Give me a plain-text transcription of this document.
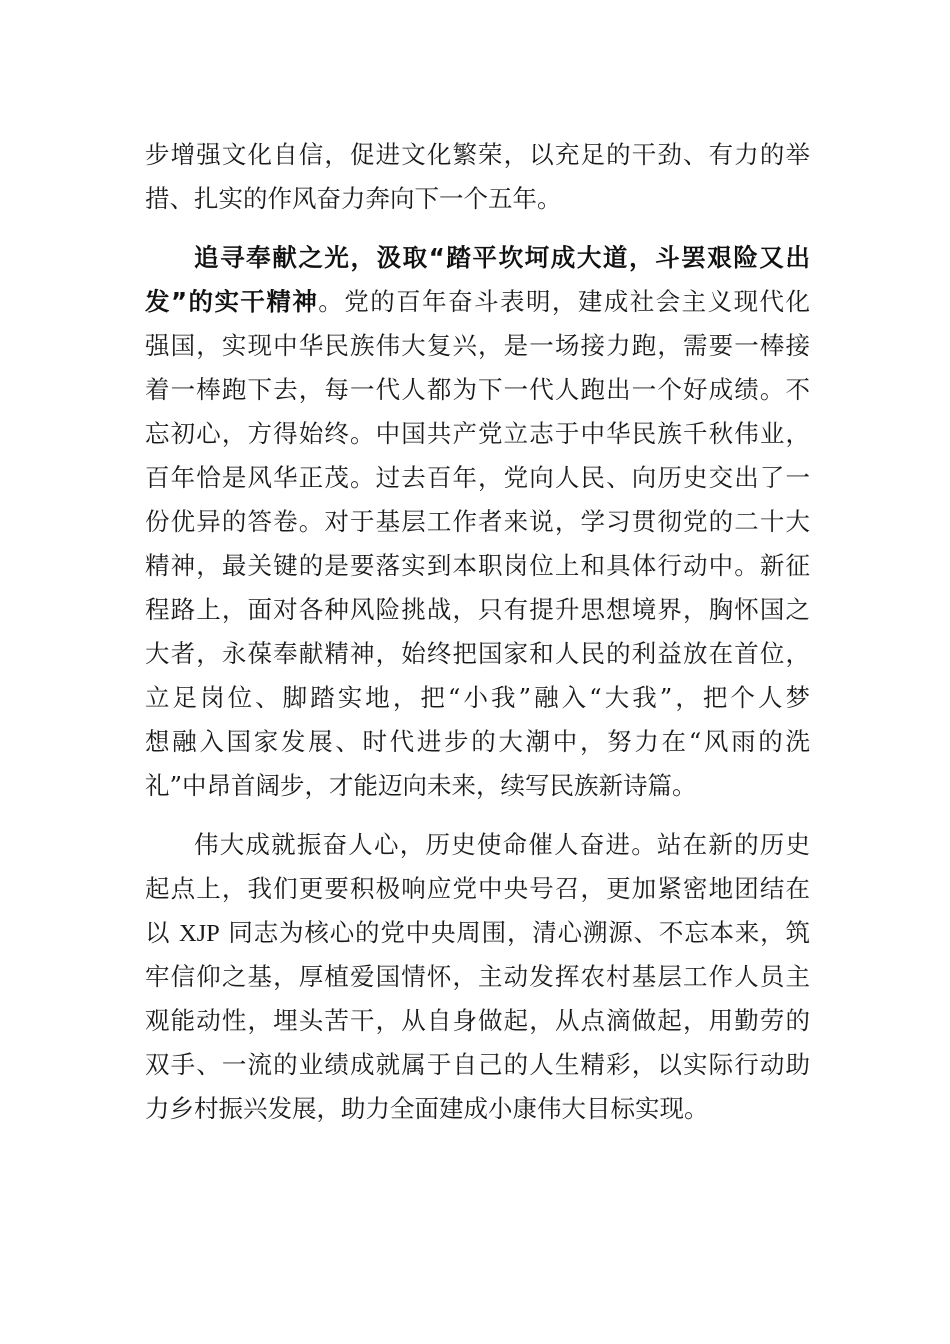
步增强文化自信，促进文化繁荣，以充足的干劲、有力的举
措、扎实的作风奋力奔向下一个五年。
追寻奉献之光，汲取“踏平坎坷成大道，斗罢艰险又出
发”的实干精神。党的百年奋斗表明，建成社会主义现代化
强国，实现中华民族伟大复兴，是一场接力跑，需要一棒接
着一棒跑下去，每一代人都为下一代人跑出一个好成绩。不
忘初心，方得始终。中国共产党立志于中华民族千秋伟业，
百年恰是风华正茂。过去百年，党向人民、向历史交出了一
份优异的答卷。对于基层工作者来说，学习贯彻党的二十大
精神，最关键的是要落实到本职岗位上和具体行动中。新征
程路上，面对各种风险挑战，只有提升思想境界，胸怀国之
大者，永葆奉献精神，始终把国家和人民的利益放在首位，
立足岗位、脚踏实地，把“小我”融入“大我”，把个人梦
想融入国家发展、时代进步的大潮中，努力在“风雨的洗
礼”中昂首阔步，才能迈向未来，续写民族新诗篇。
伟大成就振奋人心，历史使命催人奋进。站在新的历史
起点上，我们更要积极响应党中央号召，更加紧密地团结在
以 XJP 同志为核心的党中央周围，清心溯源、不忘本来，筑
牢信仰之基，厚植爱国情怀，主动发挥农村基层工作人员主
观能动性，埋头苦干，从自身做起，从点滴做起，用勤劳的
双手、一流的业绩成就属于自己的人生精彩，以实际行动助
力乡村振兴发展，助力全面建成小康伟大目标实现。
